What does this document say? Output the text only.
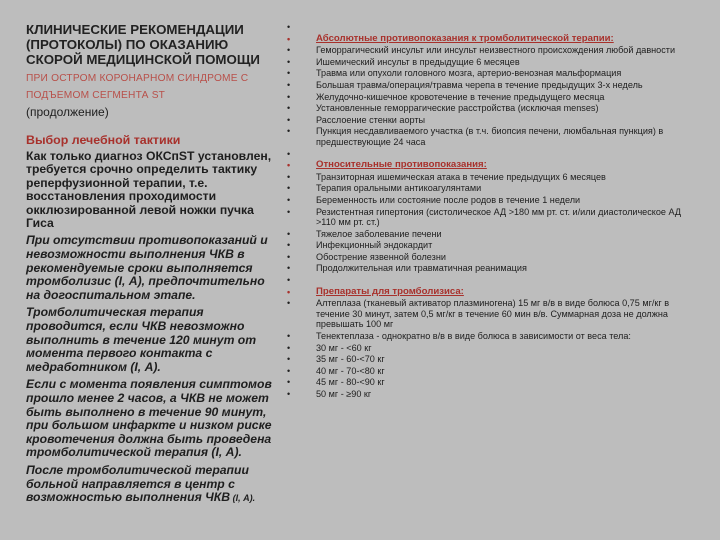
КЛИНИЧЕСКИЕ РЕКОМЕНДАЦИИ
(ПРОТОКОЛЫ) ПО ОКАЗАНИЮ
СКОРОЙ МЕДИЦИНСКОЙ ПОМОЩИ
ПРИ ОСТРОМ КОРОНАРНОМ СИНДРОМЕ С
ПОДЪЕМОМ СЕГМЕНТА ST
(продолжение)
Выбор лечебной тактики
Как только диагноз ОКСпST установлен, требуется срочно определить тактику реперфузионной терапии, т.е. восстановления проходимости окклюзированной левой ножки пучка Гиса
При отсутствии противопоказаний и невозможности выполнения ЧКВ в рекомендуемые сроки выполняется тромболизис (I, А), предпочтительно на догоспитальном этапе.
Тромболитическая терапия проводится, если ЧКВ невозможно выполнить в течение 120 минут от момента первого контакта с медработником (I, А).
Если с момента появления симптомов прошло менее 2 часов, а ЧКВ не может быть выполнено в течение 90 минут, при большом инфаркте и низком риске кровотечения должна быть проведена тромболитической терапия (I, А).
После тромболитической терапии больной направляется в центр с возможностью выполнения ЧКВ (I, А).
•
•	Абсолютные противопоказания к тромболитической терапии:
•	Геморрагический инсульт или инсульт неизвестного происхождения любой давности
•	Ишемический инсульт в предыдущие 6 месяцев
•	Травма или опухоли головного мозга, артерио-венозная мальформация
•	Большая травма/операция/травма черепа в течение предыдущих 3-х недель
•	Желудочно-кишечное кровотечение в течение предыдущего месяца
•	Установленные геморрагические расстройства (исключая menses)
•	Расслоение стенки аорты
•	Пункция несдавливаемого участка (в т.ч. биопсия печени, люмбальная пункция) в предшествующие 24 часа
•
•	Относительные противопоказания:
•	Транзиторная ишемическая атака в течение предыдущих 6 месяцев
•	Терапия оральными антикоагулянтами
•	Беременность или состояние после родов в течение 1 недели
•	Резистентная гипертония (систолическое АД >180 мм рт. ст. и/или диастолическое АД >110 мм рт. ст.)
•	Тяжелое заболевание печени
•	Инфекционный эндокардит
•	Обострение язвенной болезни
•	Продолжительная или травматичная реанимация
•
•	Препараты для тромболизиса:
•	Алтеплаза (тканевый активатор плазминогена) 15 мг в/в в виде болюса 0,75 мг/кг в течение 30 минут, затем 0,5 мг/кг в течение 60 мин в/в. Суммарная доза не должна превышать 100 мг
•	Тенектеплаза - однократно в/в в виде болюса в зависимости от веса тела:
•	30 мг - <60 кг
•	35 мг - 60-<70 кг
•	40 мг - 70-<80 кг
•	45 мг - 80-<90 кг
•	50 мг - ≥90 кг
